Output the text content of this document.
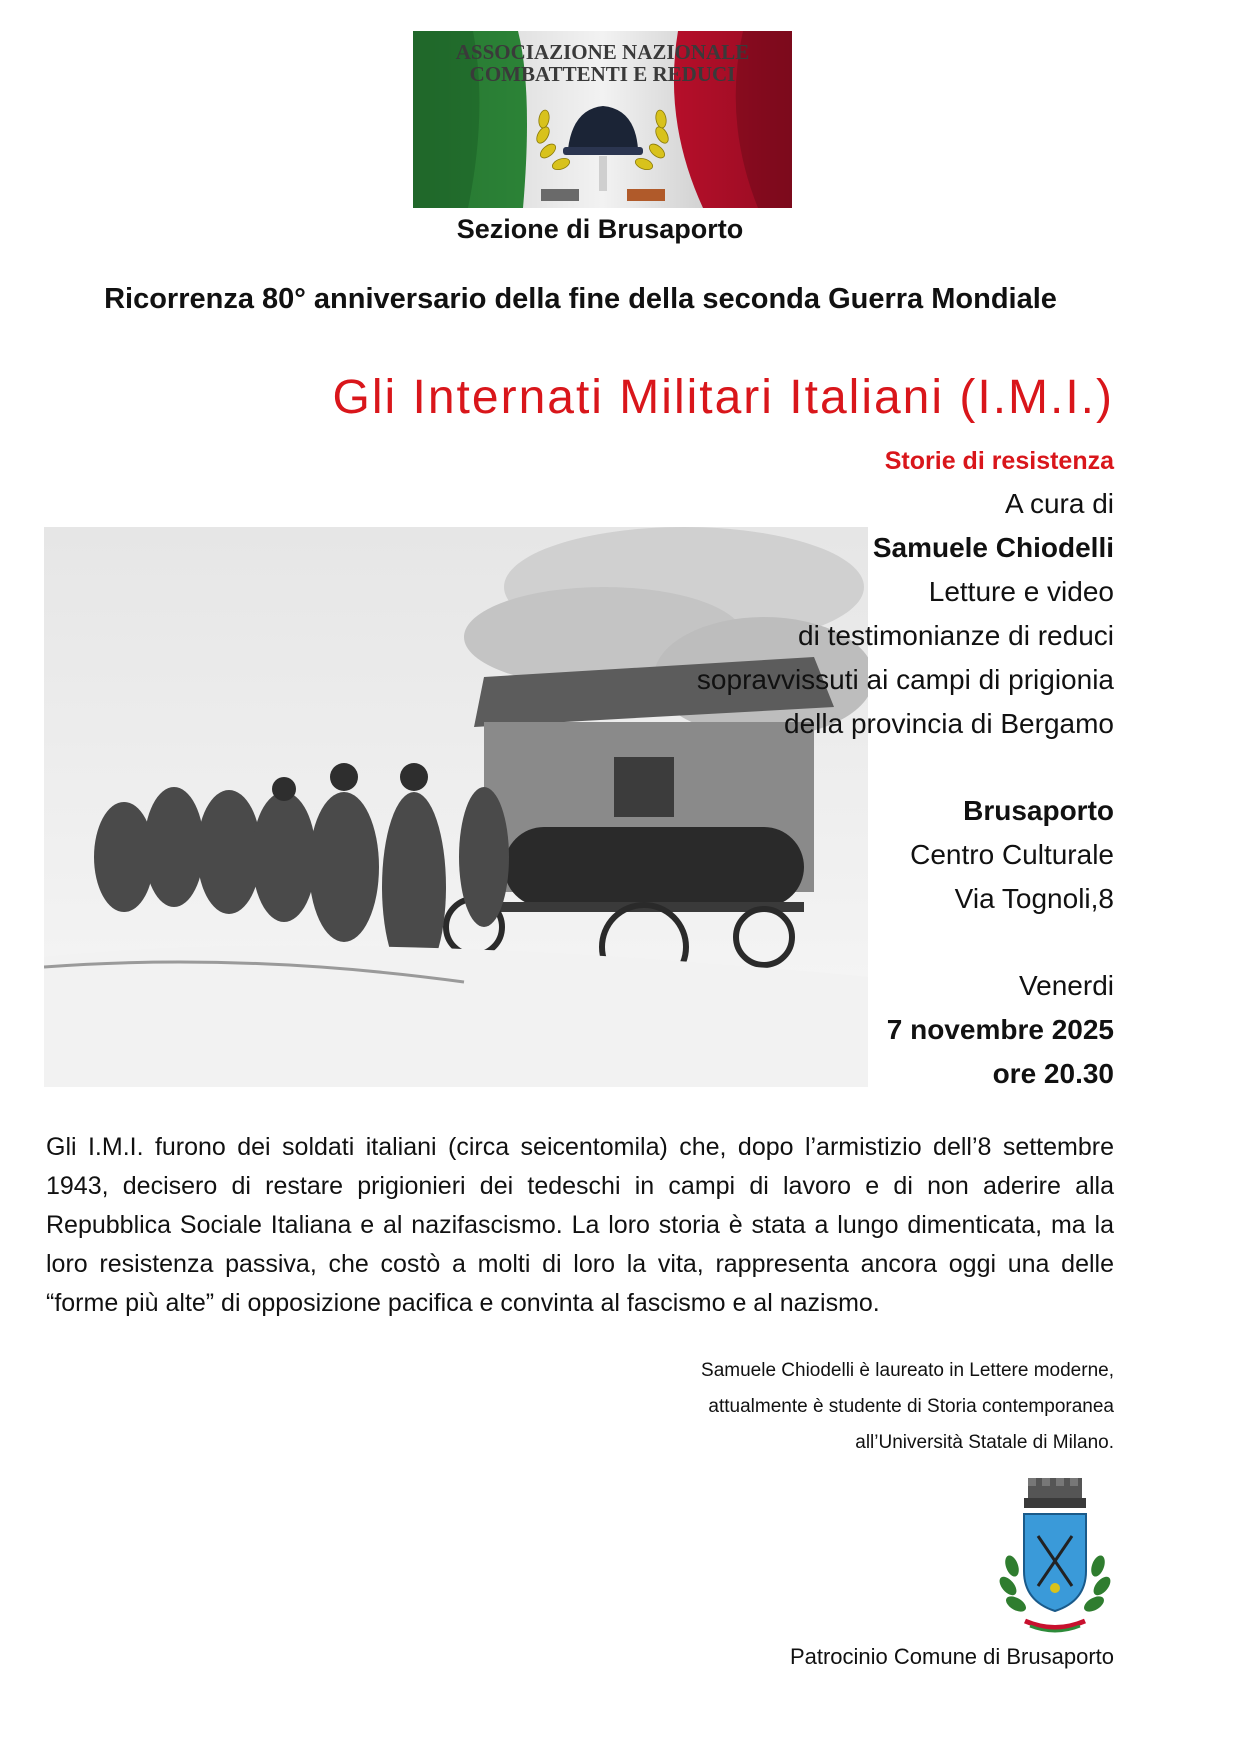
ASSOCIAZIONE NAZIONALE
COMBATTENTI E REDUCI
Sezione di Brusaporto
Ricorrenza 80° anniversario della fine della seconda Guerra Mondiale
Gli Internati Militari Italiani (I.M.I.)
Storie di resistenza
A cura di
Samuele Chiodelli
Letture e video
di testimonianze di reduci
sopravvissuti ai campi di prigionia
della provincia di Bergamo
Brusaporto
Centro Culturale
Via Tognoli,8
Venerdi
7 novembre 2025
ore 20.30
Gli I.M.I. furono dei soldati italiani (circa seicentomila) che, dopo l’armistizio dell’8 settembre 1943, decisero di restare prigionieri dei tedeschi in campi di lavoro e di non aderire alla Repubblica Sociale Italiana e al nazifascismo. La loro storia è stata a lungo dimenticata, ma la loro resistenza passiva, che costò a molti di loro la vita, rappresenta ancora oggi una delle “forme più alte” di opposizione pacifica e convinta al fascismo e al nazismo.
Samuele Chiodelli è laureato in Lettere moderne,
attualmente è studente di Storia contemporanea
all’Università Statale di Milano.
Patrocinio Comune di Brusaporto
